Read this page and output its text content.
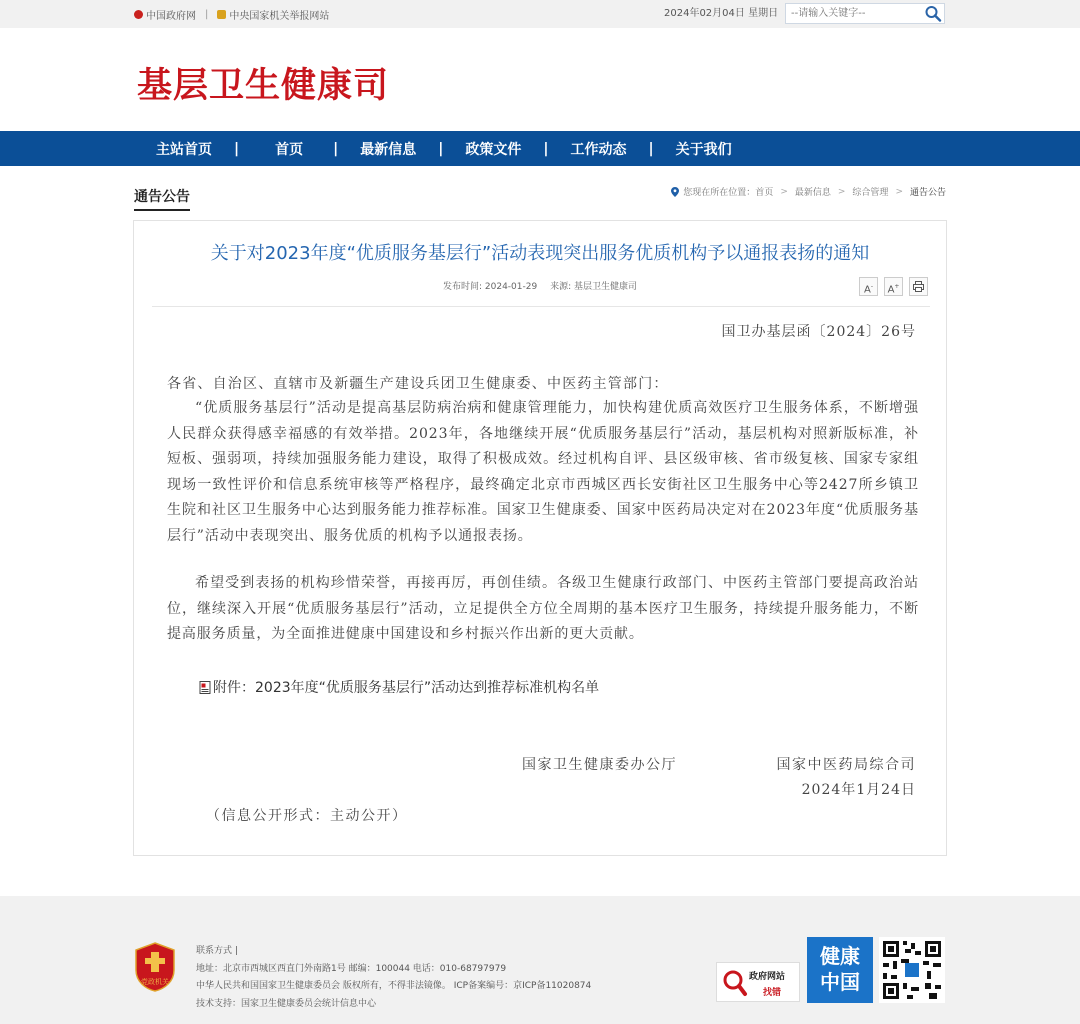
中国政府网 | 中央国家机关举报网站	2024年02月04日 星期日
--请输入关键字--
基层卫生健康司
主站首页	|	首页	|	最新信息	|	政策文件	|	工作动态	|	关于我们
通告公告	您现在所在位置： 首页 > 最新信息 > 综合管理 > 通告公告
关于对2023年度“优质服务基层行”活动表现突出服务优质机构予以通报表扬的通知
发布时间: 2024-01-29 来源: 基层卫生健康司	A-	A+
国卫办基层函〔2024〕26号
各省、自治区、直辖市及新疆生产建设兵团卫生健康委、中医药主管部门：
“优质服务基层行”活动是提高基层防病治病和健康管理能力，加快构建优质高效医疗卫生服务体系，不断增强人民群众获得感幸福感的有效举措。2023年，各地继续开展“优质服务基层行”活动，基层机构对照新版标准，补短板、强弱项，持续加强服务能力建设，取得了积极成效。经过机构自评、县区级审核、省市级复核、国家专家组现场一致性评价和信息系统审核等严格程序，最终确定北京市西城区西长安街社区卫生服务中心等2427所乡镇卫生院和社区卫生服务中心达到服务能力推荐标准。国家卫生健康委、国家中医药局决定对在2023年度“优质服务基层行”活动中表现突出、服务优质的机构予以通报表扬。
希望受到表扬的机构珍惜荣誉，再接再厉，再创佳绩。各级卫生健康行政部门、中医药主管部门要提高政治站位，继续深入开展“优质服务基层行”活动，立足提供全方位全周期的基本医疗卫生服务，持续提升服务能力，不断提高服务质量，为全面推进健康中国建设和乡村振兴作出新的更大贡献。
附件：2023年度“优质服务基层行”活动达到推荐标准机构名单
国家卫生健康委办公厅	国家中医药局综合司
2024年1月24日
（信息公开形式：主动公开）
党政机关
联系方式 |
地址：北京市西城区西直门外南路1号 邮编：100044 电话：010-68797979
中华人民共和国国家卫生健康委员会 版权所有，不得非法镜像。 ICP备案编号：京ICP备11020874
技术支持：国家卫生健康委员会统计信息中心
政府网站
找错
健康
中国
